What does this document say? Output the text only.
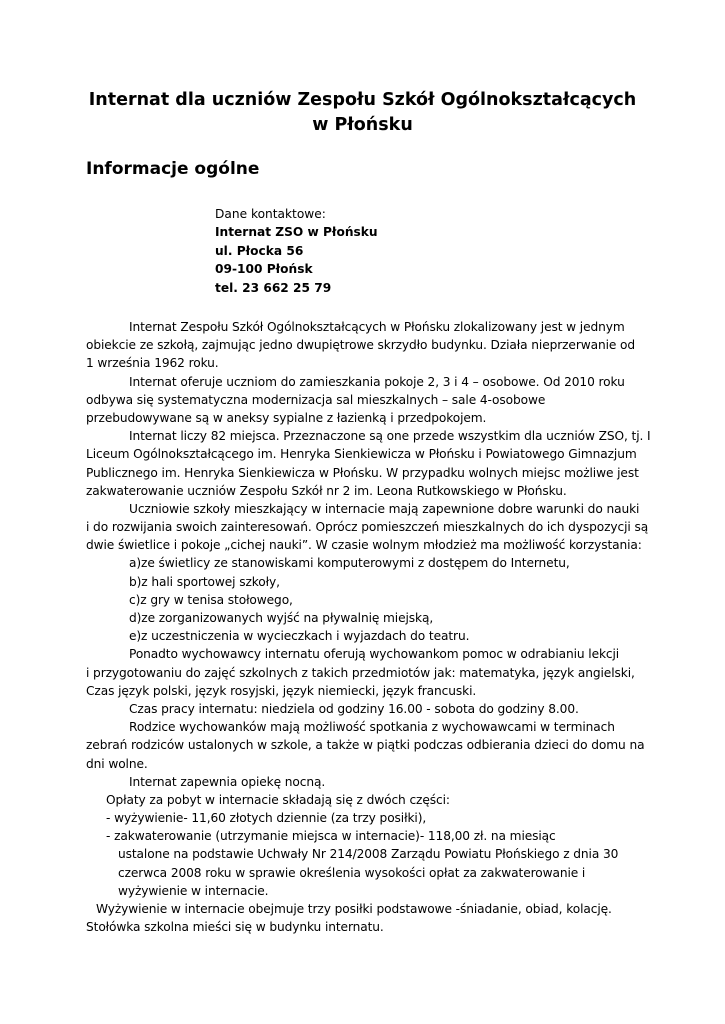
Internat dla uczniów Zespołu Szkół Ogólnokształcących
w Płońsku
Informacje ogólne
Dane kontaktowe:
Internat ZSO w Płońsku
ul. Płocka 56
09-100 Płońsk
tel. 23 662 25 79
Internat Zespołu Szkół Ogólnokształcących w Płońsku zlokalizowany jest w jednym
obiekcie ze szkołą, zajmując jedno dwupiętrowe skrzydło budynku. Działa nieprzerwanie od
1 września 1962 roku.
Internat oferuje uczniom do zamieszkania pokoje 2, 3 i 4 – osobowe. Od 2010 roku
odbywa się systematyczna modernizacja sal mieszkalnych – sale 4-osobowe
przebudowywane są w aneksy sypialne z łazienką i przedpokojem.
Internat liczy 82 miejsca. Przeznaczone są one przede wszystkim dla uczniów ZSO, tj. I
Liceum Ogólnokształcącego im. Henryka Sienkiewicza w Płońsku i Powiatowego Gimnazjum
Publicznego im. Henryka Sienkiewicza w Płońsku. W przypadku wolnych miejsc możliwe jest
zakwaterowanie uczniów Zespołu Szkół nr 2 im. Leona Rutkowskiego w Płońsku.
Uczniowie szkoły mieszkający w internacie mają zapewnione dobre warunki do nauki
i do rozwijania swoich zainteresowań. Oprócz pomieszczeń mieszkalnych do ich dyspozycji są
dwie świetlice i pokoje „cichej nauki”. W czasie wolnym młodzież ma możliwość korzystania:
a)ze świetlicy ze stanowiskami komputerowymi z dostępem do Internetu,
b)z hali sportowej szkoły,
c)z gry w tenisa stołowego,
d)ze zorganizowanych wyjść na pływalnię miejską,
e)z uczestniczenia w wycieczkach i wyjazdach do teatru.
Ponadto wychowawcy internatu oferują wychowankom pomoc w odrabianiu lekcji
i przygotowaniu do zajęć szkolnych z takich przedmiotów jak: matematyka, język angielski,
Czas język polski, język rosyjski, język niemiecki, język francuski.
Czas pracy internatu: niedziela od godziny 16.00 - sobota do godziny 8.00.
Rodzice wychowanków mają możliwość spotkania z wychowawcami w terminach
zebrań rodziców ustalonych w szkole, a także w piątki podczas odbierania dzieci do domu na
dni wolne.
Internat zapewnia opiekę nocną.
Opłaty za pobyt w internacie składają się z dwóch części:
- wyżywienie- 11,60 złotych dziennie (za trzy posiłki),
- zakwaterowanie (utrzymanie miejsca w internacie)- 118,00 zł. na miesiąc
ustalone na podstawie Uchwały Nr 214/2008 Zarządu Powiatu Płońskiego z dnia 30
czerwca 2008 roku w sprawie określenia wysokości opłat za zakwaterowanie i
wyżywienie w internacie.
Wyżywienie w internacie obejmuje trzy posiłki podstawowe -śniadanie, obiad, kolację.
Stołówka szkolna mieści się w budynku internatu.
